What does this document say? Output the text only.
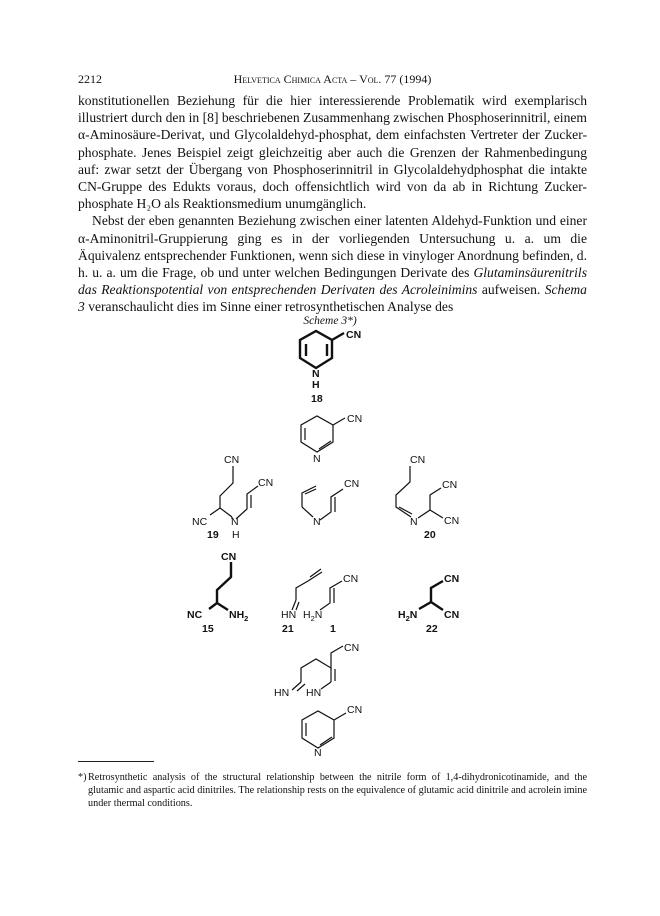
2212	Helvetica Chimica Acta – Vol. 77 (1994)

konstitutionellen Beziehung für die hier interessierende Problematik wird exemplarisch illustriert durch den in [8] beschriebenen Zusammenhang zwischen Phosphoserinnitril, einem α-Aminosäure-Derivat, und Glycolaldehyd-phosphat, dem einfachsten Vertreter der Zucker-phosphate. Jenes Beispiel zeigt gleichzeitig aber auch die Grenzen der Rahmenbedingung auf: zwar setzt der Übergang von Phosphoserinnitril in Glycolaldehydphosphat die intakte CN-Gruppe des Edukts voraus, doch offensichtlich wird von da ab in Richtung Zucker-phosphate H₂O als Reaktionsmedium unumgänglich.

Nebst der eben genannten Beziehung zwischen einer latenten Aldehyd-Funktion und einer α-Aminonitril-Gruppierung ging es in der vorliegenden Untersuchung u. a. um die Äquivalenz entsprechender Funktionen, wenn sich diese in vinyloger Anordnung befinden, d. h. u. a. um die Frage, ob und unter welchen Bedingungen Derivate des Glutaminsäurenitrils das Reaktionspotential von entsprechenden Derivaten des Acroleinimins aufweisen. Schema 3 veranschaulicht dies im Sinne einer retrosynthetischen Analyse des

Scheme 3*)
CN
N
H
18
CN
N
CN
CN
NC N
H
19
CN
N
CN
CN
CN
N
20
CN
NC	$NH_2$
15
CN
HN $H_2N$
21	1
CN
CN
$H_2N$
22
CN
HN HN
CN
N
*) Retrosynthetic analysis of the structural relationship between the nitrile form of 1,4-dihydronicotinamide, and the glutamic and aspartic acid dinitriles. The relationship rests on the equivalence of glutamic acid dinitrile and acrolein imine under thermal conditions.
